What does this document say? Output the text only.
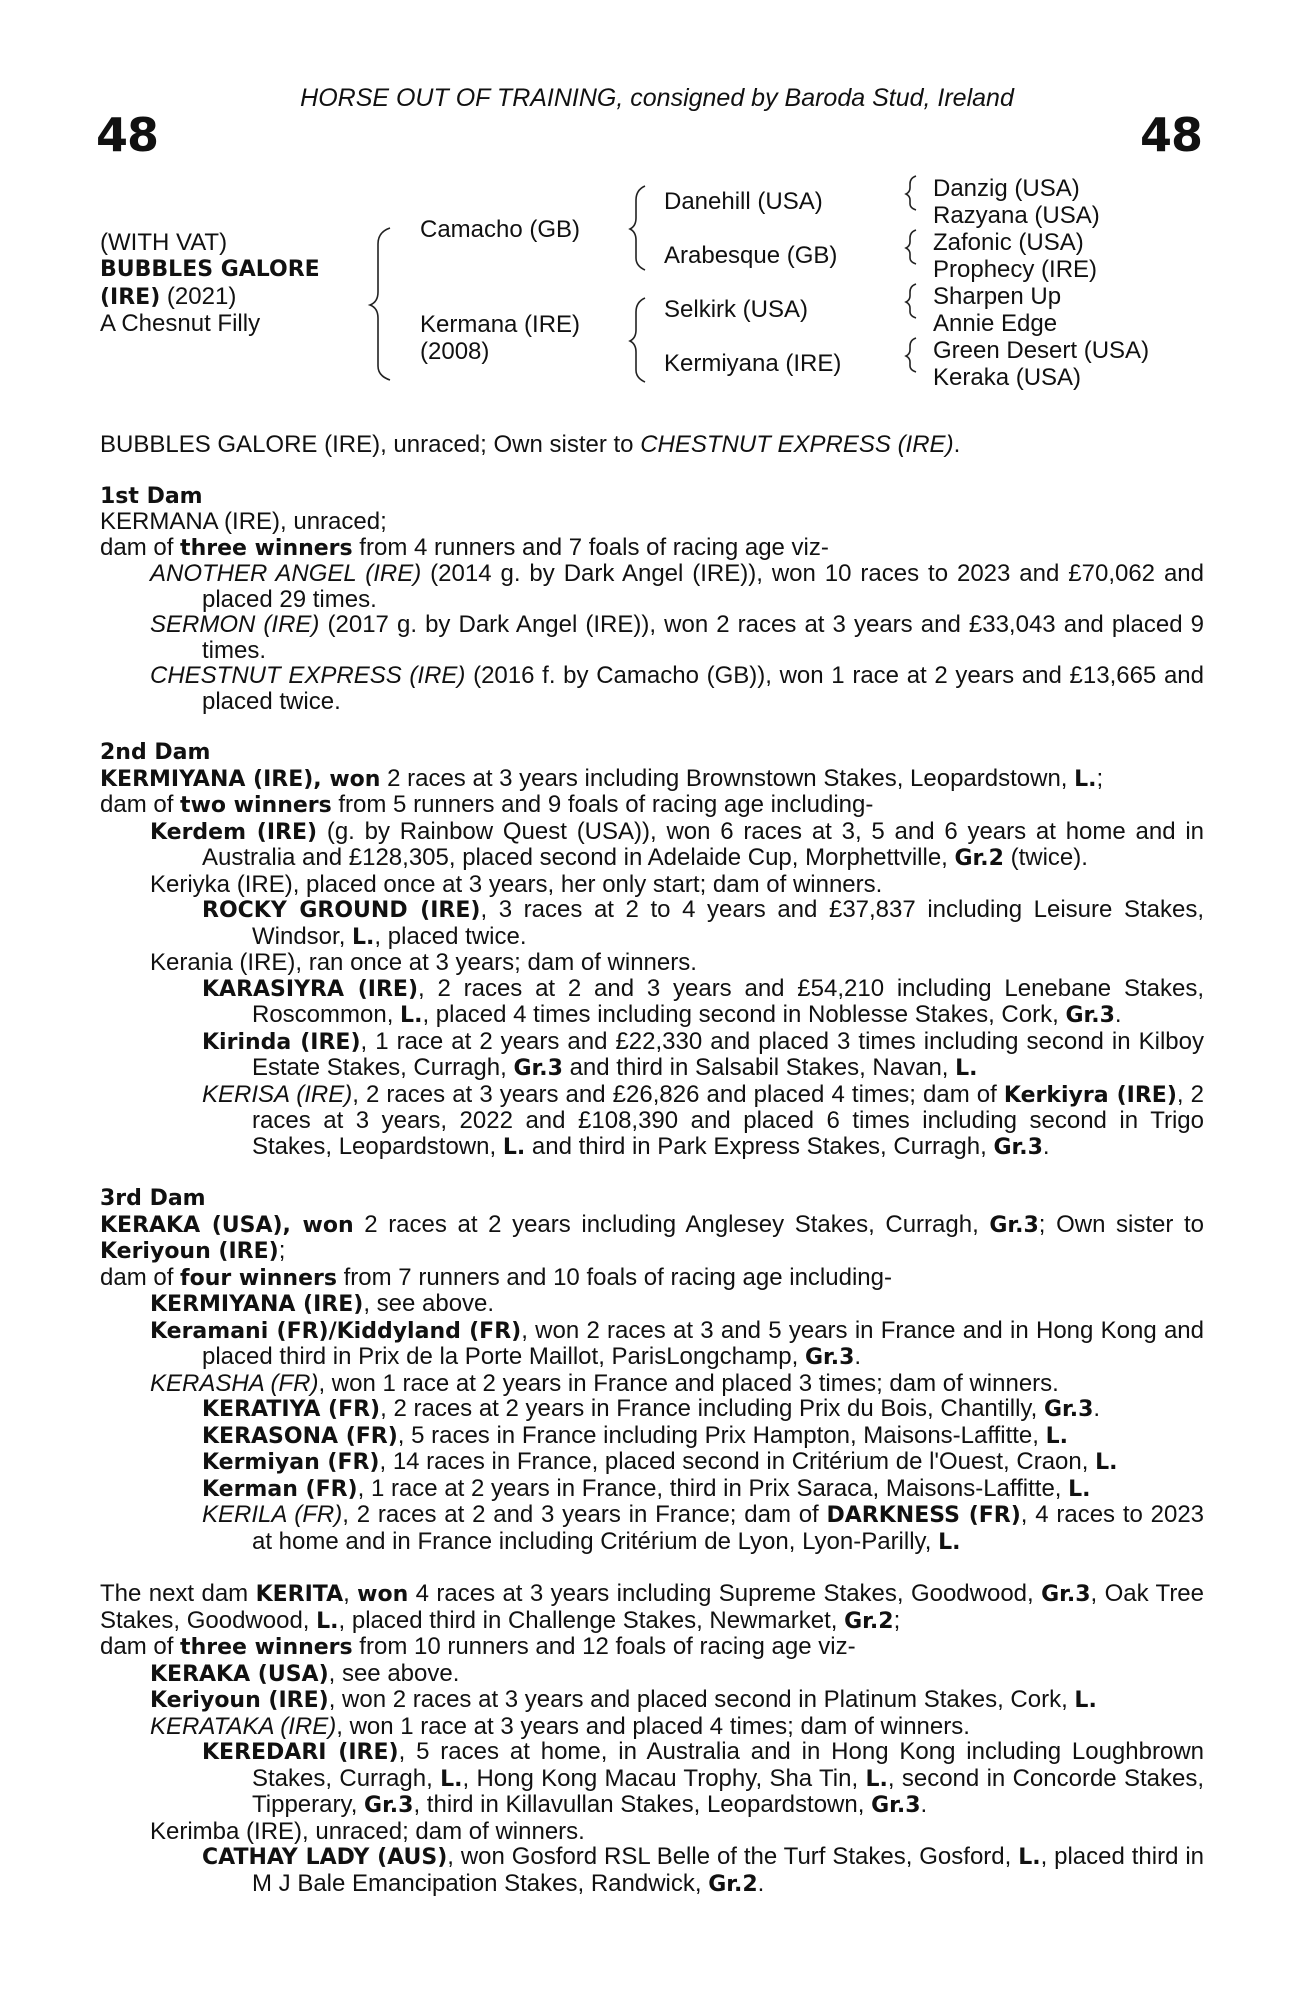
48	48
HORSE OUT OF TRAINING, consigned by Baroda Stud, Ireland
(WITH VAT)
BUBBLES GALORE
(IRE) (2021)
A Chesnut Filly
Camacho (GB)
Kermana (IRE)
(2008)
Danehill (USA)
Arabesque (GB)
Selkirk (USA)
Kermiyana (IRE)
Danzig (USA)
Razyana (USA)
Zafonic (USA)
Prophecy (IRE)
Sharpen Up
Annie Edge
Green Desert (USA)
Keraka (USA)

BUBBLES GALORE (IRE), unraced; Own sister to CHESTNUT EXPRESS (IRE).

1st Dam

KERMANA (IRE), unraced;

dam of three winners from 4 runners and 7 foals of racing age viz-

ANOTHER ANGEL (IRE) (2014 g. by Dark Angel (IRE)), won 10 races to 2023 and £70,062 and placed 29 times.

SERMON (IRE) (2017 g. by Dark Angel (IRE)), won 2 races at 3 years and £33,043 and placed 9 times.

CHESTNUT EXPRESS (IRE) (2016 f. by Camacho (GB)), won 1 race at 2 years and £13,665 and placed twice.

2nd Dam

KERMIYANA (IRE), won 2 races at 3 years including Brownstown Stakes, Leopardstown, L.;

dam of two winners from 5 runners and 9 foals of racing age including-

Kerdem (IRE) (g. by Rainbow Quest (USA)), won 6 races at 3, 5 and 6 years at home and in Australia and £128,305, placed second in Adelaide Cup, Morphettville, Gr.2 (twice).

Keriyka (IRE), placed once at 3 years, her only start; dam of winners.

ROCKY GROUND (IRE), 3 races at 2 to 4 years and £37,837 including Leisure Stakes, Windsor, L., placed twice.

Kerania (IRE), ran once at 3 years; dam of winners.

KARASIYRA (IRE), 2 races at 2 and 3 years and £54,210 including Lenebane Stakes, Roscommon, L., placed 4 times including second in Noblesse Stakes, Cork, Gr.3.

Kirinda (IRE), 1 race at 2 years and £22,330 and placed 3 times including second in Kilboy Estate Stakes, Curragh, Gr.3 and third in Salsabil Stakes, Navan, L.

KERISA (IRE), 2 races at 3 years and £26,826 and placed 4 times; dam of Kerkiyra (IRE), 2 races at 3 years, 2022 and £108,390 and placed 6 times including second in Trigo Stakes, Leopardstown, L. and third in Park Express Stakes, Curragh, Gr.3.

3rd Dam

KERAKA (USA), won 2 races at 2 years including Anglesey Stakes, Curragh, Gr.3; Own sister to Keriyoun (IRE);

dam of four winners from 7 runners and 10 foals of racing age including-

KERMIYANA (IRE), see above.

Keramani (FR)/Kiddyland (FR), won 2 races at 3 and 5 years in France and in Hong Kong and placed third in Prix de la Porte Maillot, ParisLongchamp, Gr.3.

KERASHA (FR), won 1 race at 2 years in France and placed 3 times; dam of winners.

KERATIYA (FR), 2 races at 2 years in France including Prix du Bois, Chantilly, Gr.3.

KERASONA (FR), 5 races in France including Prix Hampton, Maisons-Laffitte, L.

Kermiyan (FR), 14 races in France, placed second in Critérium de l'Ouest, Craon, L.

Kerman (FR), 1 race at 2 years in France, third in Prix Saraca, Maisons-Laffitte, L.

KERILA (FR), 2 races at 2 and 3 years in France; dam of DARKNESS (FR), 4 races to 2023 at home and in France including Critérium de Lyon, Lyon-Parilly, L.

The next dam KERITA, won 4 races at 3 years including Supreme Stakes, Goodwood, Gr.3, Oak Tree Stakes, Goodwood, L., placed third in Challenge Stakes, Newmarket, Gr.2;

dam of three winners from 10 runners and 12 foals of racing age viz-

KERAKA (USA), see above.

Keriyoun (IRE), won 2 races at 3 years and placed second in Platinum Stakes, Cork, L.

KERATAKA (IRE), won 1 race at 3 years and placed 4 times; dam of winners.

KEREDARI (IRE), 5 races at home, in Australia and in Hong Kong including Loughbrown Stakes, Curragh, L., Hong Kong Macau Trophy, Sha Tin, L., second in Concorde Stakes, Tipperary, Gr.3, third in Killavullan Stakes, Leopardstown, Gr.3.

Kerimba (IRE), unraced; dam of winners.

CATHAY LADY (AUS), won Gosford RSL Belle of the Turf Stakes, Gosford, L., placed third in M J Bale Emancipation Stakes, Randwick, Gr.2.
